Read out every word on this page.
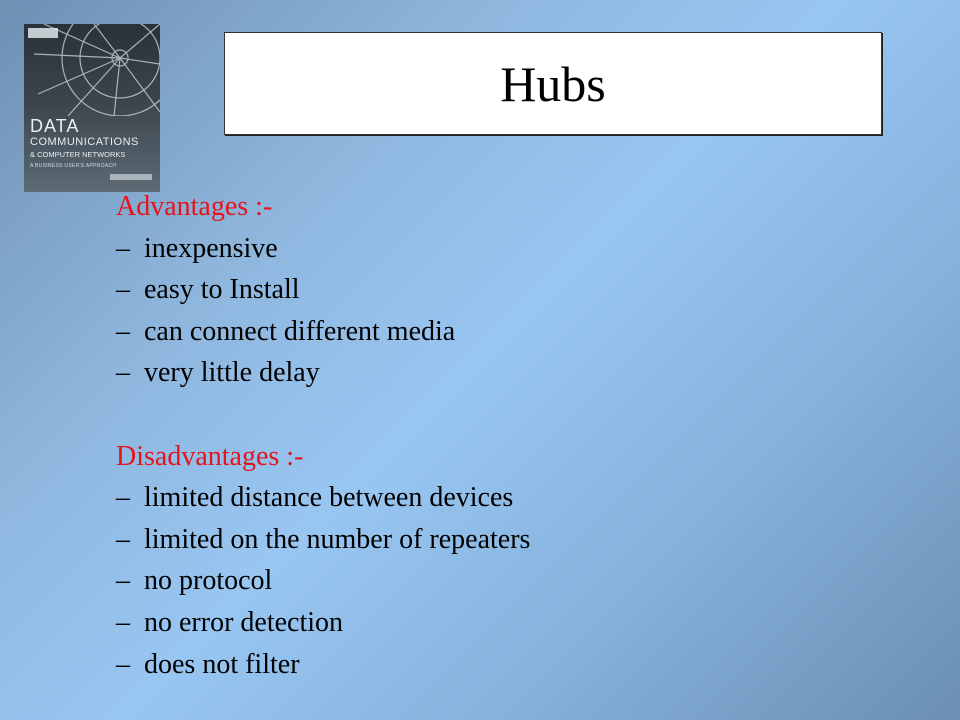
DATA
COMMUNICATIONS
& COMPUTER NETWORKS
A BUSINESS USER'S APPROACH
Hubs
Advantages :-
– inexpensive
– easy to Install
– can connect different media
– very little delay
Disadvantages :-
– limited distance between devices
– limited on the number of repeaters
– no protocol
– no error detection
– does not filter
